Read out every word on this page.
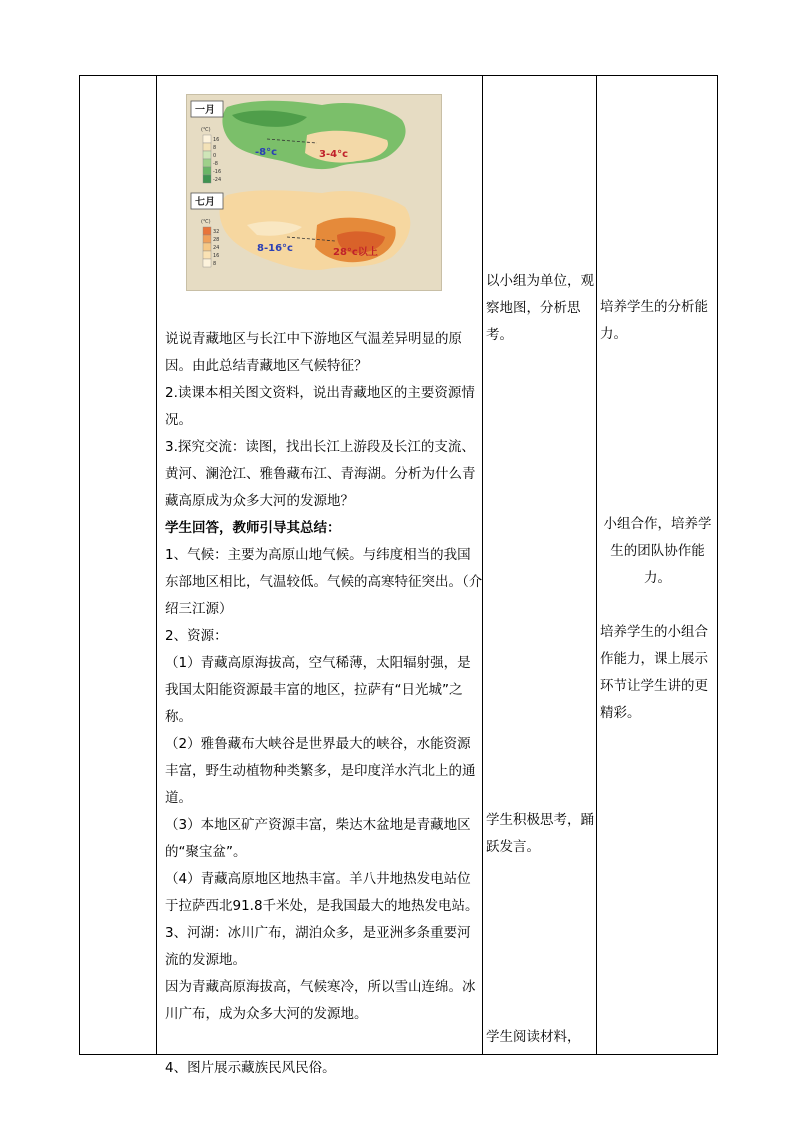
一月
七月
(℃)
(℃)
16
8
0
-8
-16
-24
32
28
24
16
8
-8°c	3-4°c
8-16°c	28°c以上

说说青藏地区与长江中下游地区气温差异明显的原因。由此总结青藏地区气候特征？

2.读课本相关图文资料，说出青藏地区的主要资源情况。

3.探究交流：读图，找出长江上游段及长江的支流、黄河、澜沧江、雅鲁藏布江、青海湖。分析为什么青藏高原成为众多大河的发源地？

学生回答，教师引导其总结：

1、气候：主要为高原山地气候。与纬度相当的我国东部地区相比，气温较低。气候的高寒特征突出。（介绍三江源）

2、资源：

（1）青藏高原海拔高，空气稀薄，太阳辐射强，是我国太阳能资源最丰富的地区，拉萨有“日光城”之称。

（2）雅鲁藏布大峡谷是世界最大的峡谷，水能资源丰富，野生动植物种类繁多，是印度洋水汽北上的通道。

（3）本地区矿产资源丰富，柴达木盆地是青藏地区的“聚宝盆”。

（4）青藏高原地区地热丰富。羊八井地热发电站位于拉萨西北91.8千米处，是我国最大的地热发电站。

3、河湖：冰川广布，湖泊众多，是亚洲多条重要河流的发源地。

因为青藏高原海拔高，气候寒冷，所以雪山连绵。冰川广布，成为众多大河的发源地。

4、图片展示藏族民风民俗。

以小组为单位，观察地图，分析思考。
学生积极思考，踊跃发言。
学生阅读材料，
培养学生的分析能力。
小组合作，培养学生的团队协作能力。
培养学生的小组合作能力，课上展示环节让学生讲的更精彩。
